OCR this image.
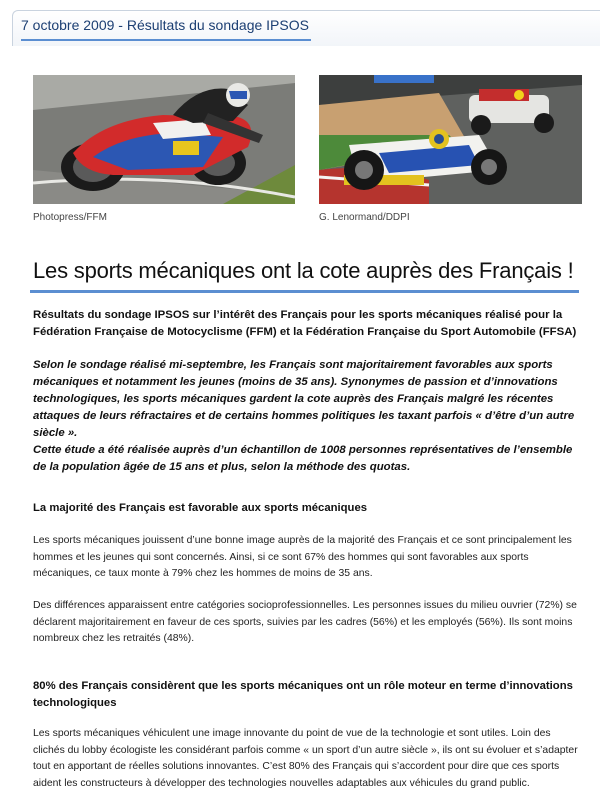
7 octobre 2009 - Résultats du sondage IPSOS
Photopress/FFM	G. Lenormand/DDPI
Les sports mécaniques ont la cote auprès des Français !
Résultats du sondage IPSOS sur l’intérêt des Français pour les sports mécaniques réalisé pour la Fédération Française de Motocyclisme (FFM) et la Fédération Française du Sport Automobile (FFSA)
Selon le sondage réalisé mi-septembre, les Français sont majoritairement favorables aux sports mécaniques et notamment les jeunes (moins de 35 ans). Synonymes de passion et d’innovations technologiques, les sports mécaniques gardent la cote auprès des Français malgré les récentes attaques de leurs réfractaires et de certains hommes politiques les taxant parfois « d’être d’un autre siècle ».
Cette étude a été réalisée auprès d’un échantillon de 1008 personnes représentatives de l’ensemble de la population âgée de 15 ans et plus, selon la méthode des quotas.
La majorité des Français est favorable aux sports mécaniques
Les sports mécaniques jouissent d’une bonne image auprès de la majorité des Français et ce sont principalement les hommes et les jeunes qui sont concernés. Ainsi, si ce sont 67% des hommes qui sont favorables aux sports mécaniques, ce taux monte à 79% chez les hommes de moins de 35 ans.
Des différences apparaissent entre catégories socioprofessionnelles. Les personnes issues du milieu ouvrier (72%) se déclarent majoritairement en faveur de ces sports, suivies par les cadres (56%) et les employés (56%). Ils sont moins nombreux chez les retraités (48%).
80% des Français considèrent que les sports mécaniques ont un rôle moteur en terme d’innovations technologiques
Les sports mécaniques véhiculent une image innovante du point de vue de la technologie et sont utiles. Loin des clichés du lobby écologiste les considérant parfois comme « un sport d’un autre siècle », ils ont su évoluer et s’adapter tout en apportant de réelles solutions innovantes. C’est 80% des Français qui s’accordent pour dire que ces sports aident les constructeurs à développer des technologies nouvelles adaptables aux véhicules du grand public.
